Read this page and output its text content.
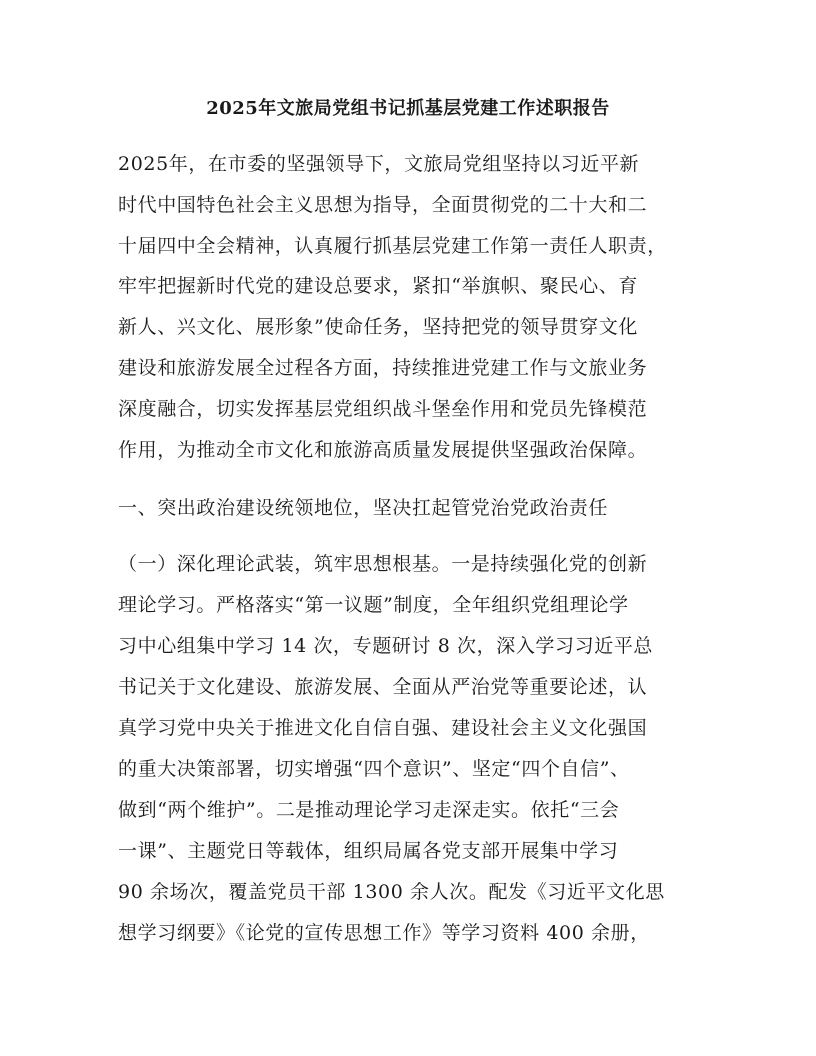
2025年文旅局党组书记抓基层党建工作述职报告
2025年，在市委的坚强领导下，文旅局党组坚持以习近平新
时代中国特色社会主义思想为指导，全面贯彻党的二十大和二
十届四中全会精神，认真履行抓基层党建工作第一责任人职责，
牢牢把握新时代党的建设总要求，紧扣“举旗帜、聚民心、育
新人、兴文化、展形象”使命任务，坚持把党的领导贯穿文化
建设和旅游发展全过程各方面，持续推进党建工作与文旅业务
深度融合，切实发挥基层党组织战斗堡垒作用和党员先锋模范
作用，为推动全市文化和旅游高质量发展提供坚强政治保障。
一、突出政治建设统领地位，坚决扛起管党治党政治责任
（一）深化理论武装，筑牢思想根基。一是持续强化党的创新
理论学习。严格落实“第一议题”制度，全年组织党组理论学
习中心组集中学习 14 次，专题研讨 8 次，深入学习习近平总
书记关于文化建设、旅游发展、全面从严治党等重要论述，认
真学习党中央关于推进文化自信自强、建设社会主义文化强国
的重大决策部署，切实增强“四个意识”、坚定“四个自信”、
做到“两个维护”。二是推动理论学习走深走实。依托“三会
一课”、主题党日等载体，组织局属各党支部开展集中学习
90 余场次，覆盖党员干部 1300 余人次。配发《习近平文化思
想学习纲要》《论党的宣传思想工作》等学习资料 400 余册，
